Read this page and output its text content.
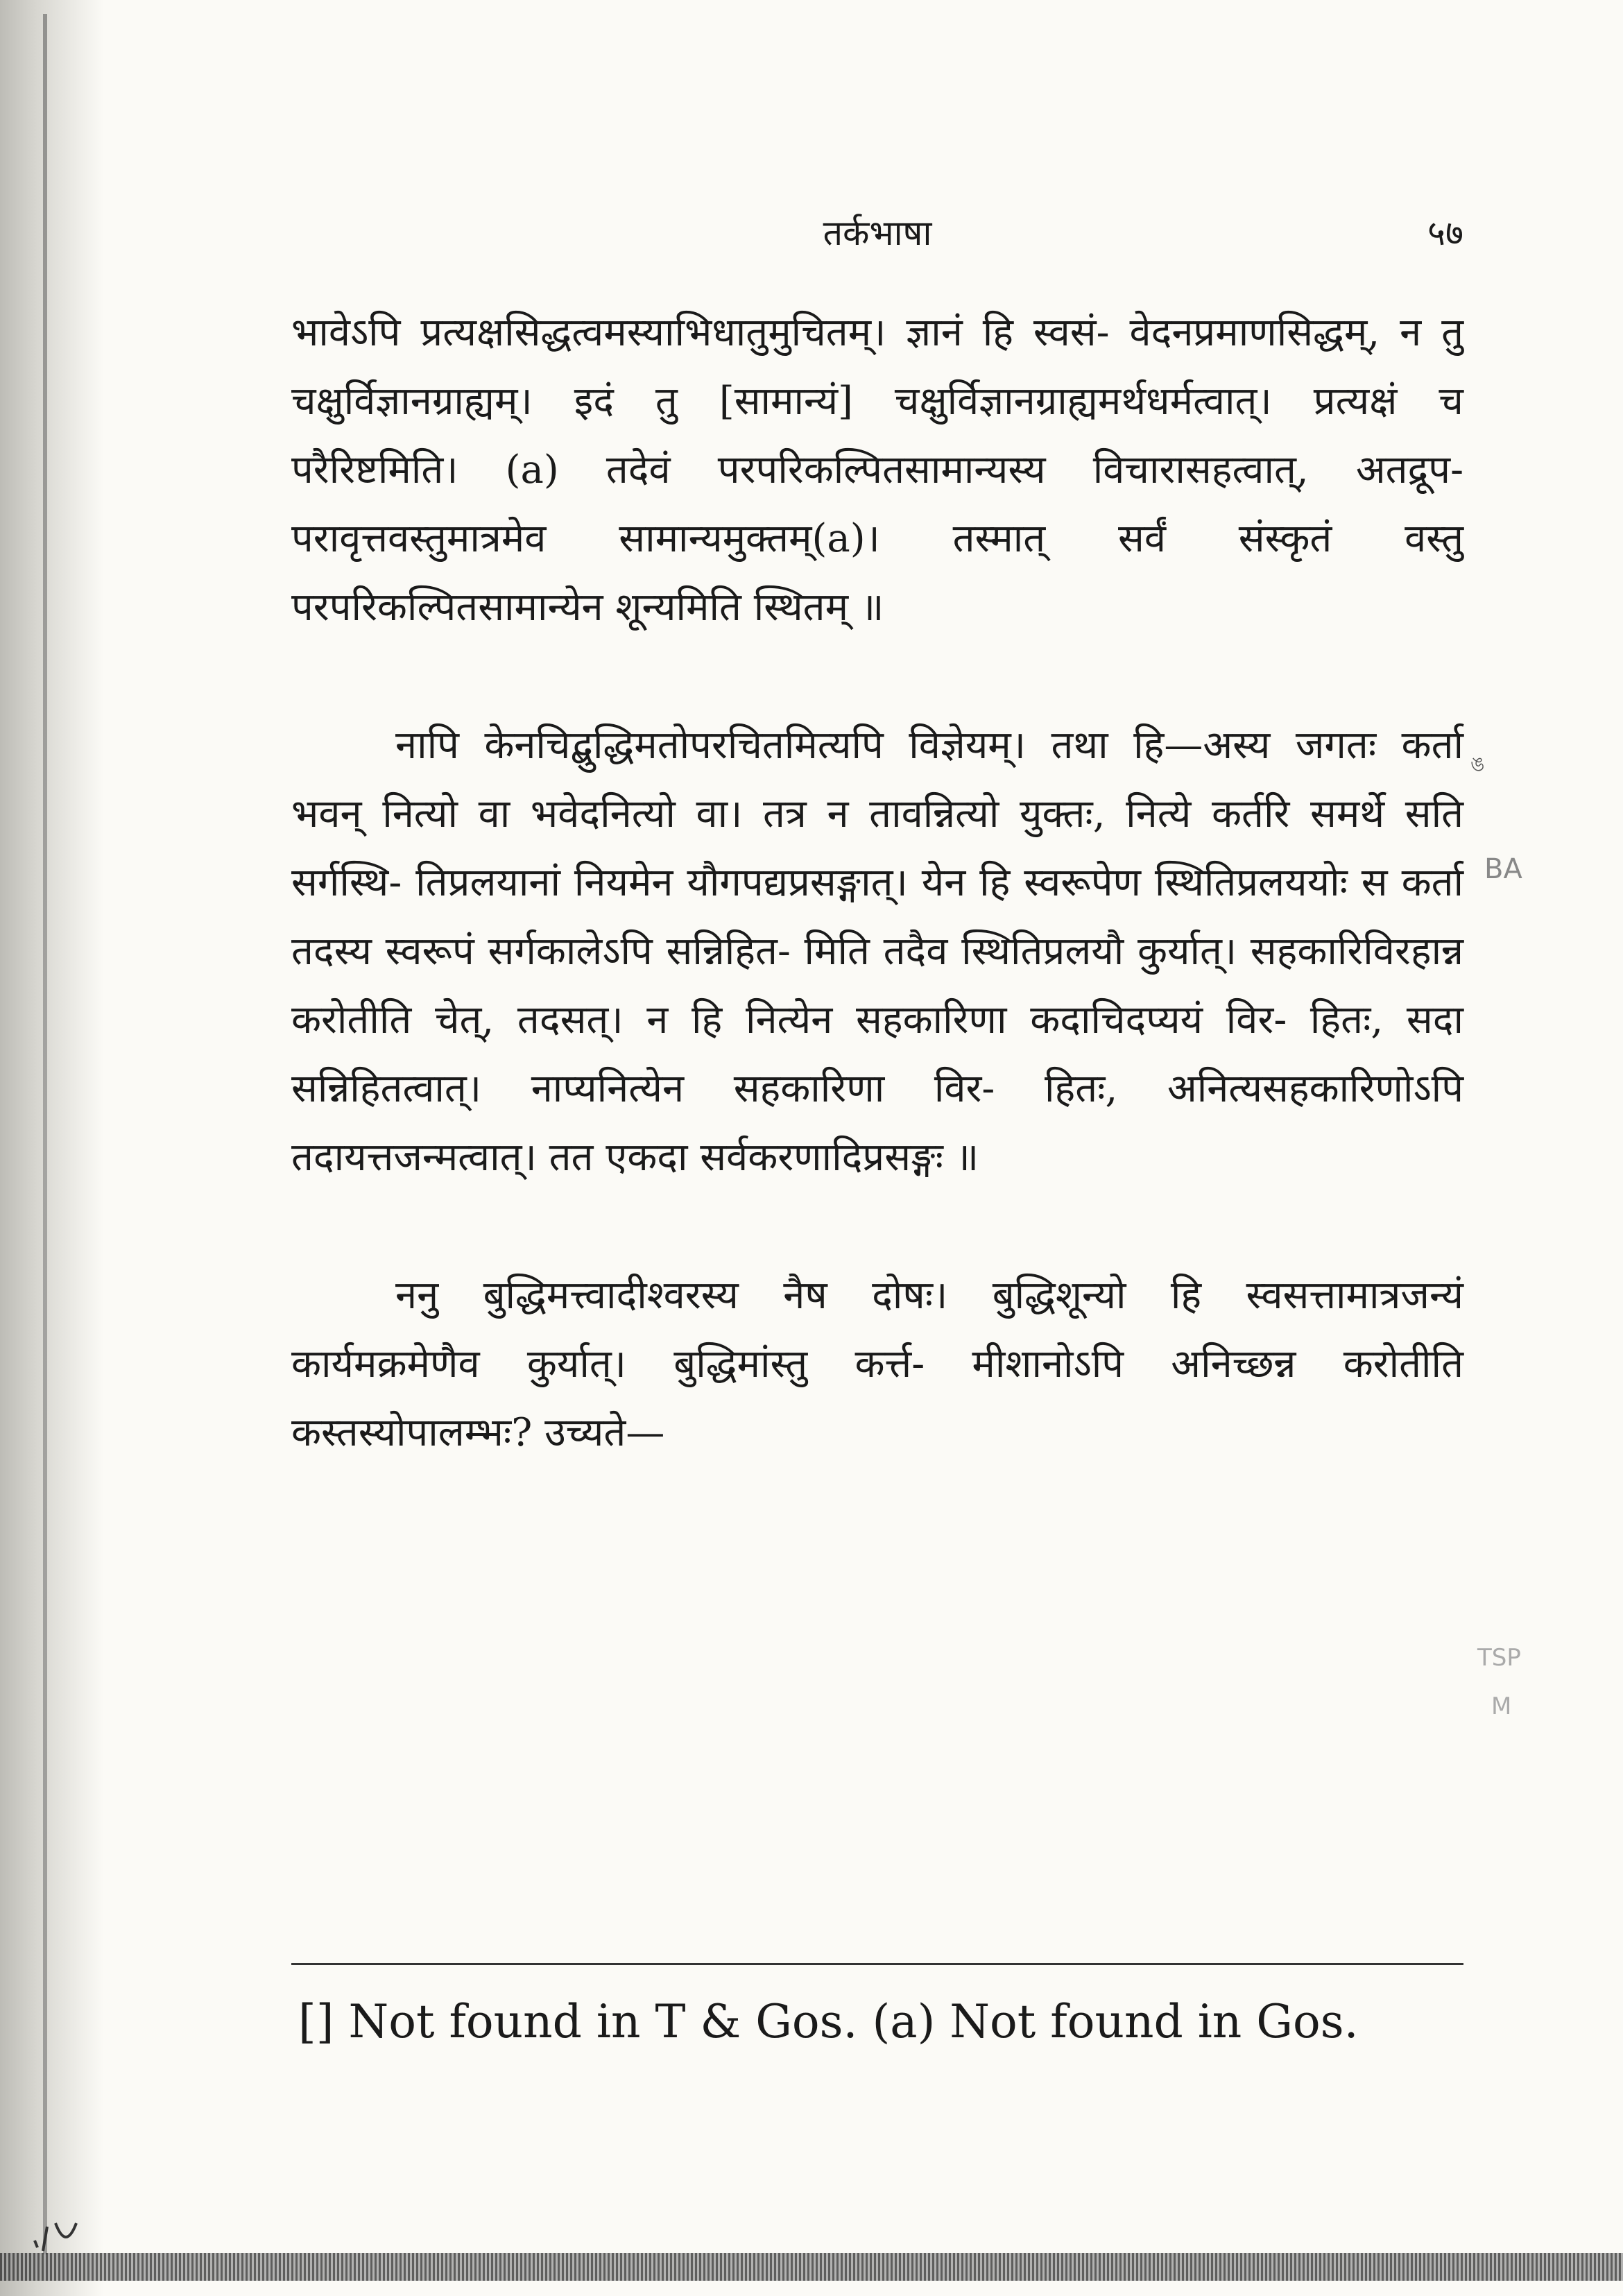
तर्कभाषा	५७

भावेऽपि प्रत्यक्षसिद्धत्वमस्याभिधातुमुचितम्। ज्ञानं हि स्वसं- वेदनप्रमाणसिद्धम्, न तु चक्षुर्विज्ञानग्राह्यम्। इदं तु [सामान्यं] चक्षुर्विज्ञानग्राह्यमर्थधर्मत्वात्। प्रत्यक्षं च परैरिष्टमिति। (a) तदेवं परपरिकल्पितसामान्यस्य विचारासहत्वात्, अतद्रूप- परावृत्तवस्तुमात्रमेव सामान्यमुक्तम्(a)। तस्मात् सर्वं संस्कृतं वस्तु परपरिकल्पितसामान्येन शून्यमिति स्थितम् ॥

नापि केनचिद्बुद्धिमतोपरचितमित्यपि विज्ञेयम्। तथा हि—अस्य जगतः कर्ता भवन् नित्यो वा भवेदनित्यो वा। तत्र न तावन्नित्यो युक्तः, नित्ये कर्तरि समर्थे सति सर्गस्थि- तिप्रलयानां नियमेन यौगपद्यप्रसङ्गात्। येन हि स्वरूपेण स्थितिप्रलययोः स कर्ता तदस्य स्वरूपं सर्गकालेऽपि सन्निहित- मिति तदैव स्थितिप्रलयौ कुर्यात्। सहकारिविरहान्न करोतीति चेत्, तदसत्। न हि नित्येन सहकारिणा कदाचिदप्ययं विर- हितः, सदा सन्निहितत्वात्। नाप्यनित्येन सहकारिणा विर- हितः, अनित्यसहकारिणोऽपि तदायत्तजन्मत्वात्। तत एकदा सर्वकरणादिप्रसङ्गः ॥

ननु बुद्धिमत्त्वादीश्वरस्य नैष दोषः। बुद्धिशून्यो हि स्वसत्तामात्रजन्यं कार्यमक्रमेणैव कुर्यात्। बुद्धिमांस्तु कर्त्त- मीशानोऽपि अनिच्छन्न करोतीति कस्तस्योपालम्भः? उच्यते—

ঙ
BA
TSP
M
[] Not found in T & Gos. (a) Not found in Gos.
